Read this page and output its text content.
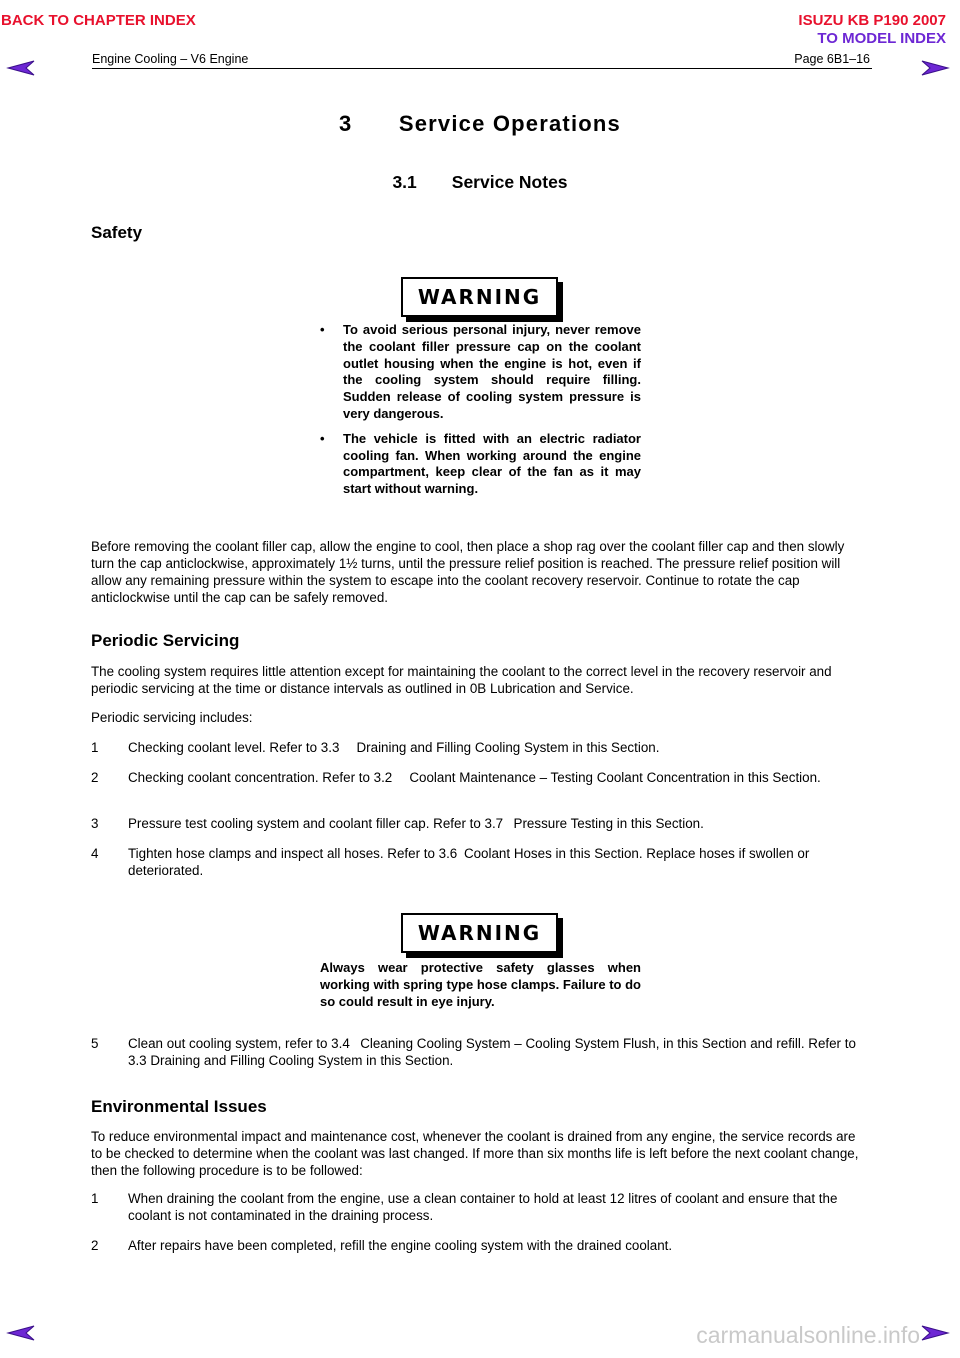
BACK TO CHAPTER INDEX	ISUZU KB P190 2007
TO MODEL INDEX
Engine Cooling – V6 Engine	Page 6B1–16
3  Service Operations
3.1  Service Notes
Safety
WARNING
• To avoid serious personal injury, never remove the coolant filler pressure cap on the coolant outlet housing when the engine is hot, even if the cooling system should require filling. Sudden release of cooling system pressure is very dangerous.
• The vehicle is fitted with an electric radiator cooling fan. When working around the engine compartment, keep clear of the fan as it may start without warning.
Before removing the coolant filler cap, allow the engine to cool, then place a shop rag over the coolant filler cap and then slowly turn the cap anticlockwise, approximately 1½ turns, until the pressure relief position is reached. The pressure relief position will allow any remaining pressure within the system to escape into the coolant recovery reservoir. Continue to rotate the cap anticlockwise until the cap can be safely removed.
Periodic Servicing
The cooling system requires little attention except for maintaining the coolant to the correct level in the recovery reservoir and periodic servicing at the time or distance intervals as outlined in 0B Lubrication and Service.
Periodic servicing includes:
1 Checking coolant level. Refer to 3.3  Draining and Filling Cooling System in this Section.
2 Checking coolant concentration. Refer to 3.2  Coolant Maintenance – Testing Coolant Concentration in this Section.
3 Pressure test cooling system and coolant filler cap. Refer to 3.7  Pressure Testing in this Section.
4 Tighten hose clamps and inspect all hoses. Refer to 3.6 Coolant Hoses in this Section. Replace hoses if swollen or deteriorated.
WARNING
Always wear protective safety glasses when working with spring type hose clamps. Failure to do so could result in eye injury.
5 Clean out cooling system, refer to 3.4  Cleaning Cooling System – Cooling System Flush, in this Section and refill. Refer to 3.3 Draining and Filling Cooling System in this Section.
Environmental Issues
To reduce environmental impact and maintenance cost, whenever the coolant is drained from any engine, the service records are to be checked to determine when the coolant was last changed. If more than six months life is left before the next coolant change, then the following procedure is to be followed:
1 When draining the coolant from the engine, use a clean container to hold at least 12 litres of coolant and ensure that the coolant is not contaminated in the draining process.
2 After repairs have been completed, refill the engine cooling system with the drained coolant.
carmanualsonline.info
